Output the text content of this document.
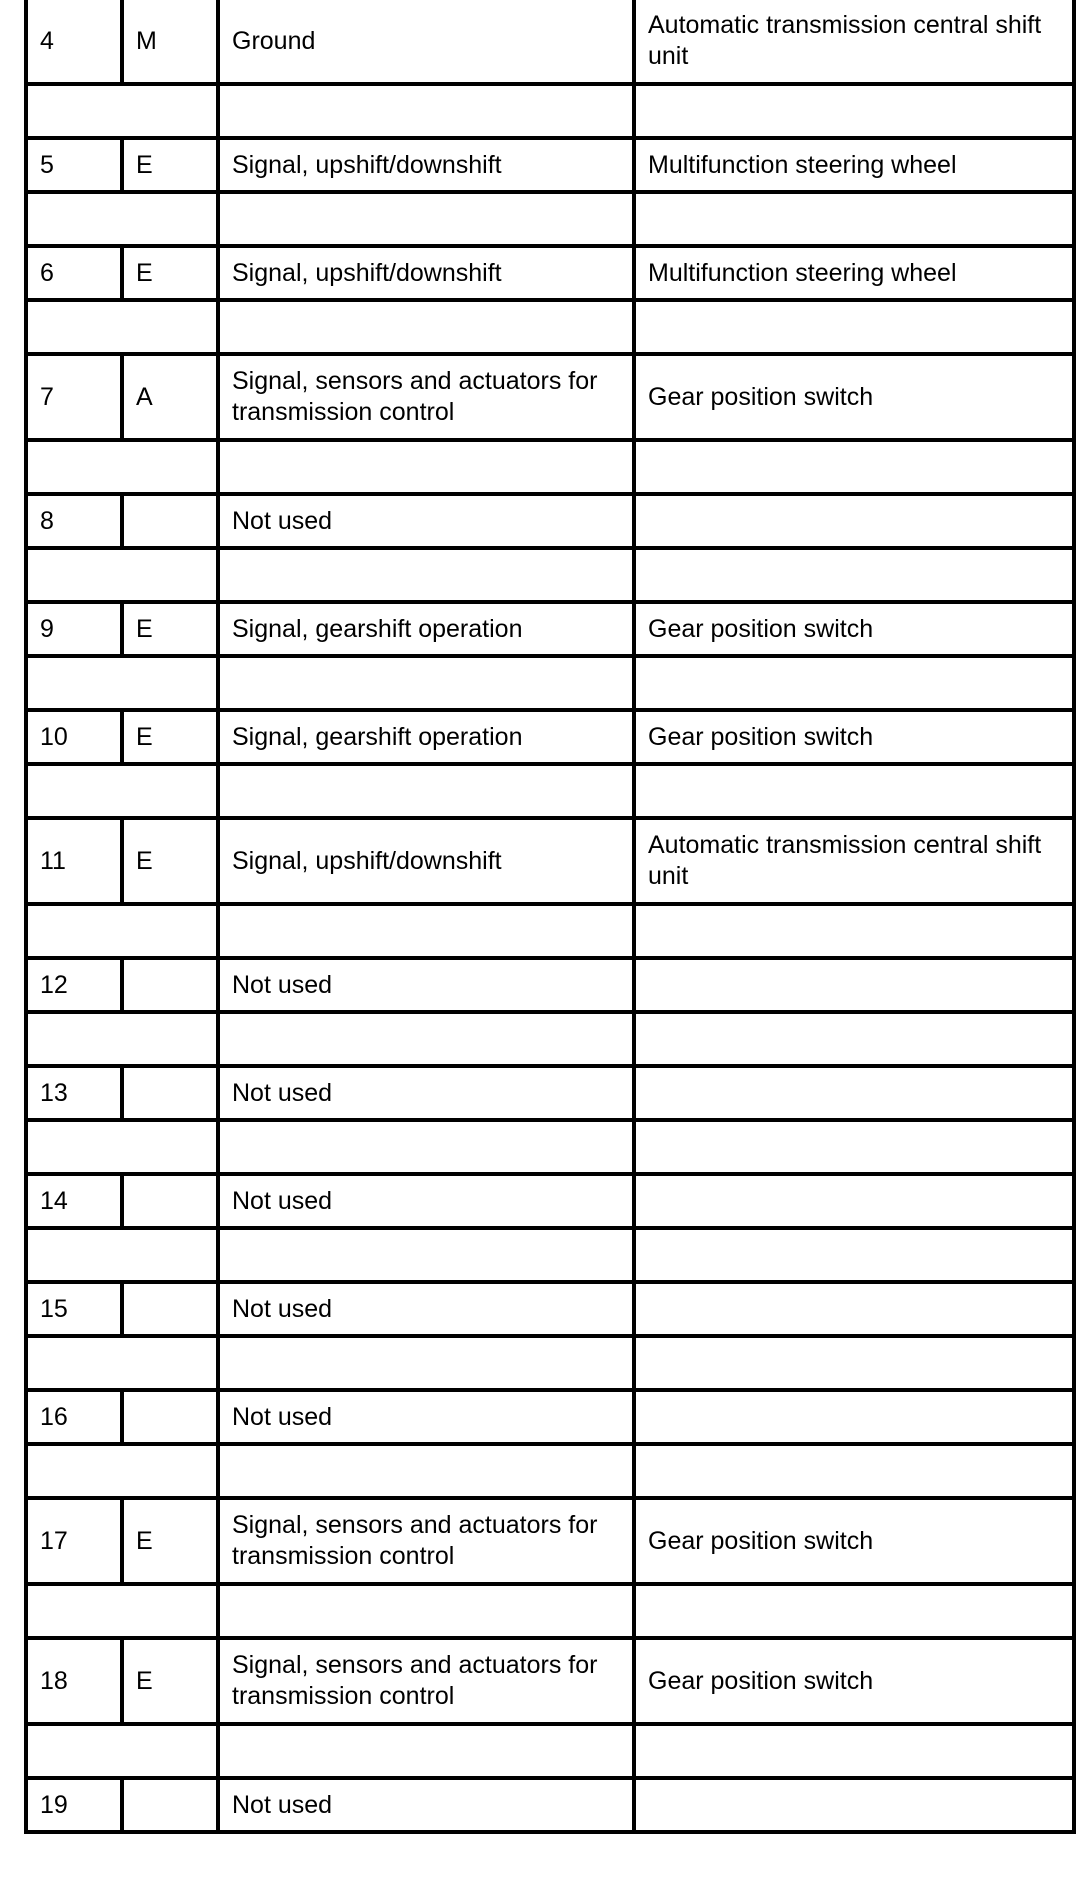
4	M	Ground	Automatic transmission central shift unit

5	E	Signal, upshift/downshift	Multifunction steering wheel

6	E	Signal, upshift/downshift	Multifunction steering wheel

7	A	Signal, sensors and actuators for transmission control	Gear position switch

8		Not used	

9	E	Signal, gearshift operation	Gear position switch

10	E	Signal, gearshift operation	Gear position switch

11	E	Signal, upshift/downshift	Automatic transmission central shift unit

12		Not used	

13		Not used	

14		Not used	

15		Not used	

16		Not used	

17	E	Signal, sensors and actuators for transmission control	Gear position switch

18	E	Signal, sensors and actuators for transmission control	Gear position switch

19		Not used	
